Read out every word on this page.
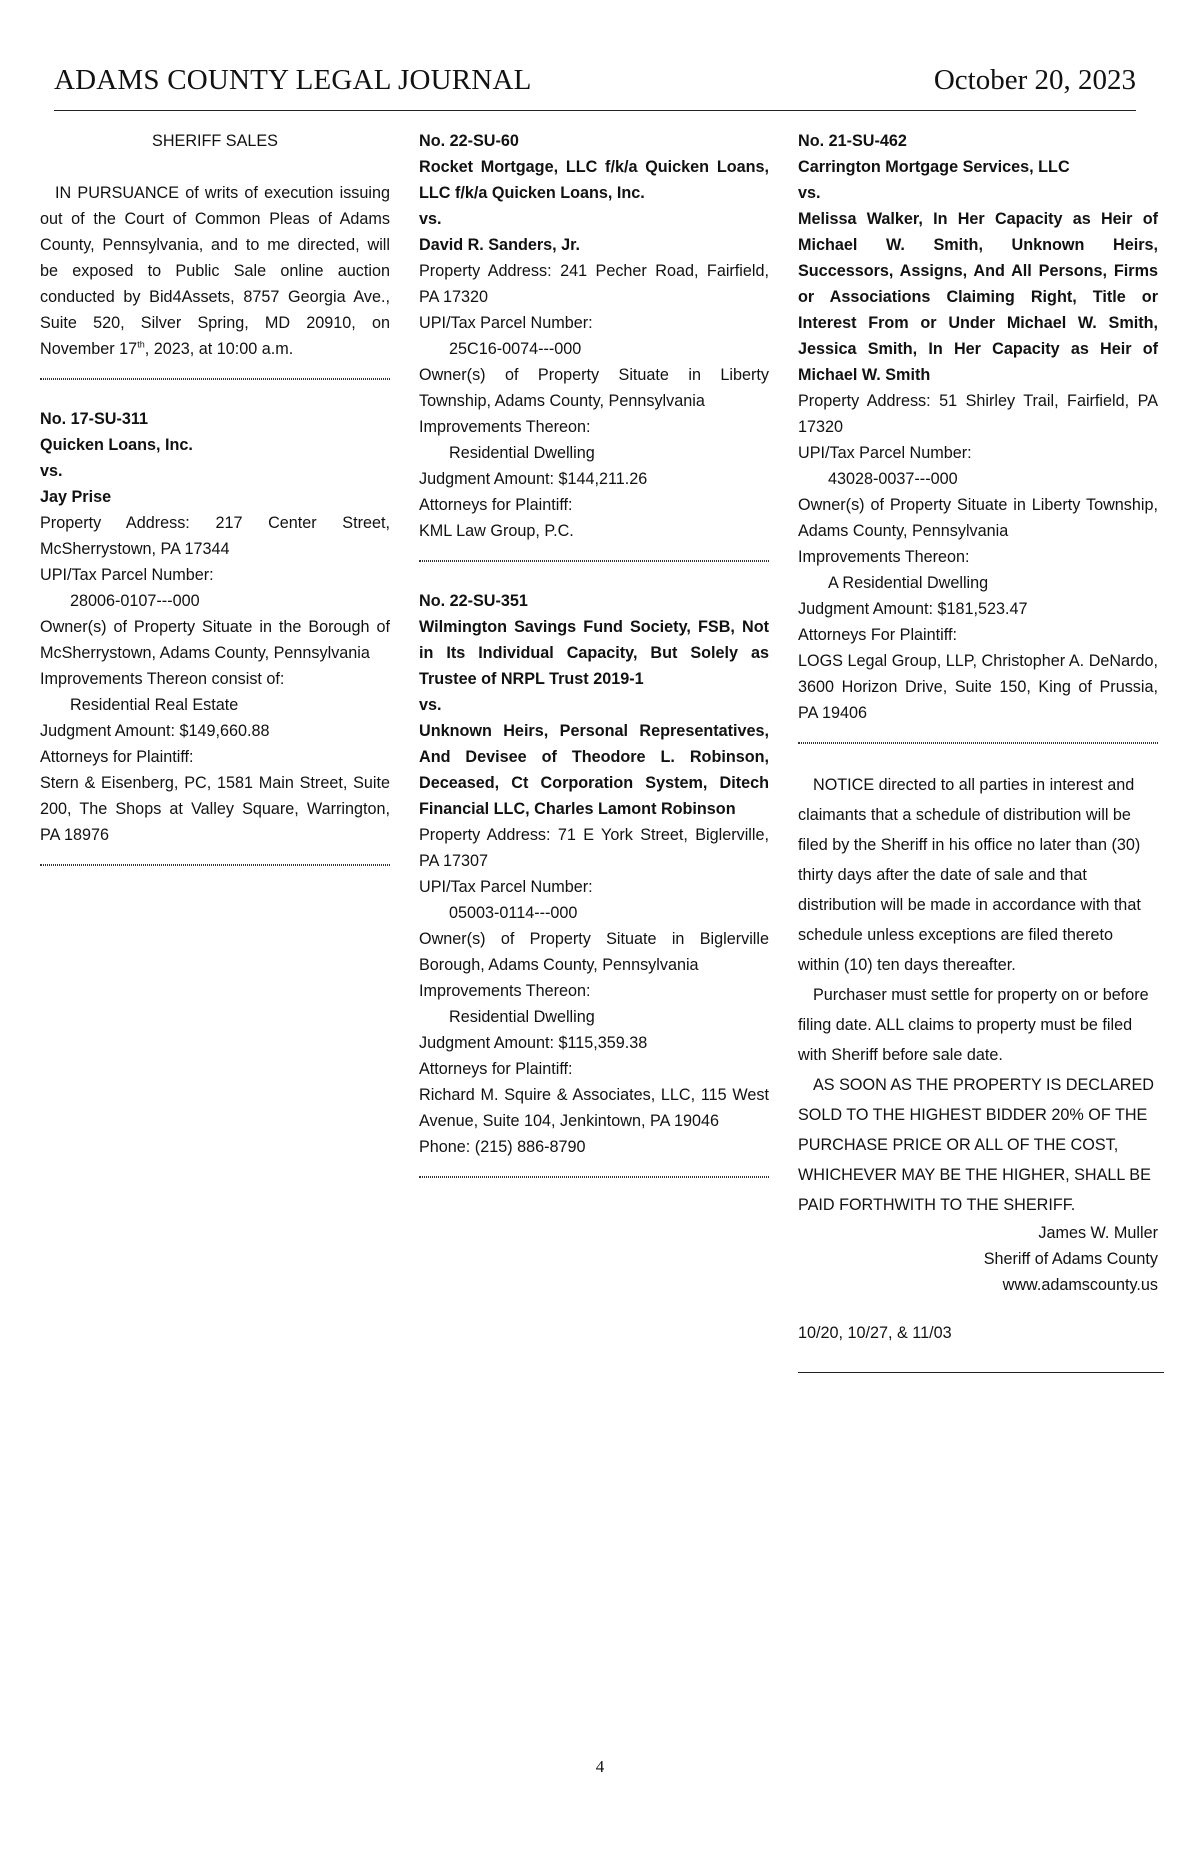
ADAMS COUNTY LEGAL JOURNAL	October 20, 2023

SHERIFF SALES

IN PURSUANCE of writs of execution issuing out of the Court of Common Pleas of Adams County, Pennsylvania, and to me directed, will be exposed to Public Sale online auction conducted by Bid4Assets, 8757 Georgia Ave., Suite 520, Silver Spring, MD 20910, on November 17th, 2023, at 10:00 a.m.

No. 17-SU-311

Quicken Loans, Inc.

vs.

Jay Prise

Property Address: 217 Center Street, McSherrystown, PA 17344

UPI/Tax Parcel Number:

28006-0107---000

Owner(s) of Property Situate in the Borough of McSherrystown, Adams County, Pennsylvania

Improvements Thereon consist of:

Residential Real Estate

Judgment Amount: $149,660.88

Attorneys for Plaintiff:

Stern & Eisenberg, PC, 1581 Main Street, Suite 200, The Shops at Valley Square, Warrington, PA 18976

No. 22-SU-60

Rocket Mortgage, LLC f/k/a Quicken Loans, LLC f/k/a Quicken Loans, Inc.

vs.

David R. Sanders, Jr.

Property Address: 241 Pecher Road, Fairfield, PA 17320

UPI/Tax Parcel Number:

25C16-0074---000

Owner(s) of Property Situate in Liberty Township, Adams County, Pennsylvania

Improvements Thereon:

Residential Dwelling

Judgment Amount: $144,211.26

Attorneys for Plaintiff:

KML Law Group, P.C.

No. 22-SU-351

Wilmington Savings Fund Society, FSB, Not in Its Individual Capacity, But Solely as Trustee of NRPL Trust 2019-1

vs.

Unknown Heirs, Personal Representatives, And Devisee of Theodore L. Robinson, Deceased, Ct Corporation System, Ditech Financial LLC, Charles Lamont Robinson

Property Address: 71 E York Street, Biglerville, PA 17307

UPI/Tax Parcel Number:

05003-0114---000

Owner(s) of Property Situate in Biglerville Borough, Adams County, Pennsylvania

Improvements Thereon:

Residential Dwelling

Judgment Amount: $115,359.38

Attorneys for Plaintiff:

Richard M. Squire & Associates, LLC, 115 West Avenue, Suite 104, Jenkintown, PA 19046

Phone: (215) 886-8790

No. 21-SU-462

Carrington Mortgage Services, LLC

vs.

Melissa Walker, In Her Capacity as Heir of Michael W. Smith, Unknown Heirs, Successors, Assigns, And All Persons, Firms or Associations Claiming Right, Title or Interest From or Under Michael W. Smith, Jessica Smith, In Her Capacity as Heir of Michael W. Smith

Property Address: 51 Shirley Trail, Fairfield, PA 17320

UPI/Tax Parcel Number:

43028-0037---000

Owner(s) of Property Situate in Liberty Township, Adams County, Pennsylvania

Improvements Thereon:

A Residential Dwelling

Judgment Amount: $181,523.47

Attorneys For Plaintiff:

LOGS Legal Group, LLP, Christopher A. DeNardo, 3600 Horizon Drive, Suite 150, King of Prussia, PA 19406

NOTICE directed to all parties in interest and claimants that a schedule of distribution will be filed by the Sheriff in his office no later than (30) thirty days after the date of sale and that distribution will be made in accordance with that schedule unless exceptions are filed thereto within (10) ten days thereafter.

Purchaser must settle for property on or before filing date. ALL claims to property must be filed with Sheriff before sale date.

AS SOON AS THE PROPERTY IS DECLARED SOLD TO THE HIGHEST BIDDER 20% OF THE PURCHASE PRICE OR ALL OF THE COST, WHICHEVER MAY BE THE HIGHER, SHALL BE PAID FORTHWITH TO THE SHERIFF.

James W. Muller

Sheriff of Adams County

www.adamscounty.us

10/20, 10/27, & 11/03

4
